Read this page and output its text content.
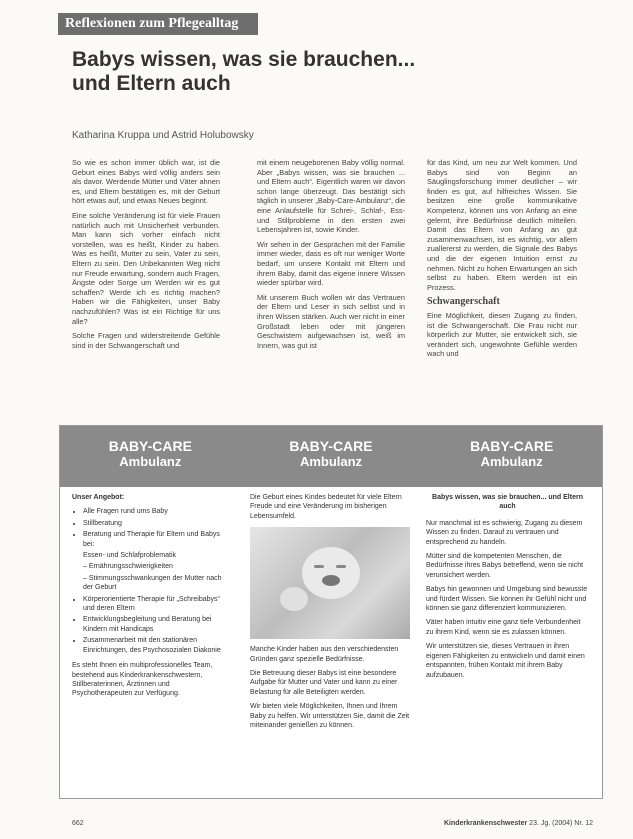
Reflexionen zum Pflegealltag
Babys wissen, was sie brauchen...
und Eltern auch
Katharina Kruppa und Astrid Holubowsky

So wie es schon immer üblich war, ist die Geburt eines Babys wird völlig anders sein als davor. Werdende Mütter und Väter ahnen es, und Eltern bestätigen es, mit der Geburt hört etwas auf, und etwas Neues beginnt.

Eine solche Veränderung ist für viele Frauen natürlich auch mit Unsicherheit verbunden. Man kann sich vorher einfach nicht vorstellen, was es heißt, Kinder zu haben. Was es heißt, Mutter zu sein, Vater zu sein, Eltern zu sein. Den Unbekannten Weg nicht nur Freude erwartung, sondern auch Fragen, Ängste oder Sorge um Werden wir es gut schaffen? Werde ich es richtig machen? Haben wir die Fähigkeiten, unser Baby nachzufühlen? Was ist ein Richtige für uns alle?

Solche Fragen und widerstreitende Gefühle sind in der Schwangerschaft und

mit einem neugeborenen Baby völlig normal. Aber „Babys wissen, was sie brauchen ... und Eltern auch“. Eigentlich waren wir davon schon lange überzeugt. Das bestätigt sich täglich in unserer „Baby-Care-Ambulanz“, die eine Anlaufstelle für Schrei-, Schlaf-, Ess- und Stillprobleme in den ersten zwei Lebensjahren ist, sowie Kinder.

Wir sehen in der Gesprächen mit der Familie immer wieder, dass es oft nur weniger Worte bedarf, um unsere Kontakt mit Eltern und ihrem Baby, damit das eigene innere Wissen wieder spürbar wird.

Mit unserem Buch wollen wir das Vertrauen der Eltern und Leser in sich selbst und in ihren Wissen stärken. Auch wer nicht in einer Großstadt leben oder mit jüngeren Geschwistern aufgewachsen ist, weiß im Innern, was gut ist

für das Kind, um neu zur Welt kommen. Und Babys sind von Beginn an Säuglingsforschung immer deutlicher – wir finden es gut, auf hilfreiches Wissen. Sie besitzen eine große kommunikative Kompetenz, können uns von Anfang an eine gelernt, ihre Bedürfnisse deutlich mitteilen. Damit das Eltern von Anfang an gut zusammenwachsen, ist es wichtig, vor allem zuallererst zu werden, die Signale des Babys und die der eigenen Intuition ernst zu nehmen. Nicht zu hohen Erwartungen an sich selbst zu haben. Eltern werden ist ein Prozess.

Schwangerschaft

Eine Möglichkeit, diesen Zugang zu finden, ist die Schwangerschaft. Die Frau nicht nur körperlich zur Mutter, sie entwickelt sich, sie verändert sich, ungewohnte Gefühle werden wach und

BABY-CARE
Ambulanz
BABY-CARE
Ambulanz
BABY-CARE
Ambulanz
Unser Angebot:
• Alle Fragen rund ums Baby
• Stillberatung
• Beratung und Therapie für Eltern und Babys bei:
Essen- und Schlafproblematik
– Ernährungsschwierigkeiten
– Stimmungsschwankungen der Mutter nach der Geburt
• Körperorientierte Therapie für „Schreibabys“ und deren Eltern
• Entwicklungsbegleitung und Beratung bei Kindern mit Handicaps
• Zusammenarbeit mit den stationären Einrichtungen, des Psychosozialen Diakonie

Es steht Ihnen ein multiprofessionelles Team, bestehend aus Kinderkrankenschwestern, Stillberaterinnen, Ärztinnen und Psychotherapeuten zur Verfügung.

Die Geburt eines Kindes bedeutet für viele Eltern Freude und eine Veränderung im bisherigen Lebensumfeld.

Manche Kinder haben aus den verschiedensten Gründen ganz spezielle Bedürfnisse.

Die Betreuung dieser Babys ist eine besondere Aufgabe für Mutter und Vater und kann zu einer Belastung für alle Beteiligten werden.

Wir bieten viele Möglichkeiten, Ihnen und Ihrem Baby zu helfen. Wir unterstützen Sie, damit die Zeit miteinander genießen zu können.

Babys wissen, was sie brauchen... und Eltern auch

Nur manchmal ist es schwierig, Zugang zu diesem Wissen zu finden. Darauf zu vertrauen und entsprechend zu handeln.

Mütter sind die kompetenten Menschen, die Bedürfnisse ihres Babys betreffend, wenn sie nicht verunsichert werden.

Babys hin gewonnen und Umgebung sind bewusste und fürdert Wissen. Sie können ihr Gefühl nicht und können sie ganz differenziert kommunizieren.

Väter haben intuitiv eine ganz tiefe Verbundenheit zu ihrem Kind, wenn sie es zulassen können.

Wir unterstützen sie, dieses Vertrauen in ihren eigenen Fähigkeiten zu entwickeln und damit einen entspannten, frühen Kontakt mit ihrem Baby aufzubauen.

662	Kinderkrankenschwester 23. Jg. (2004) Nr. 12
